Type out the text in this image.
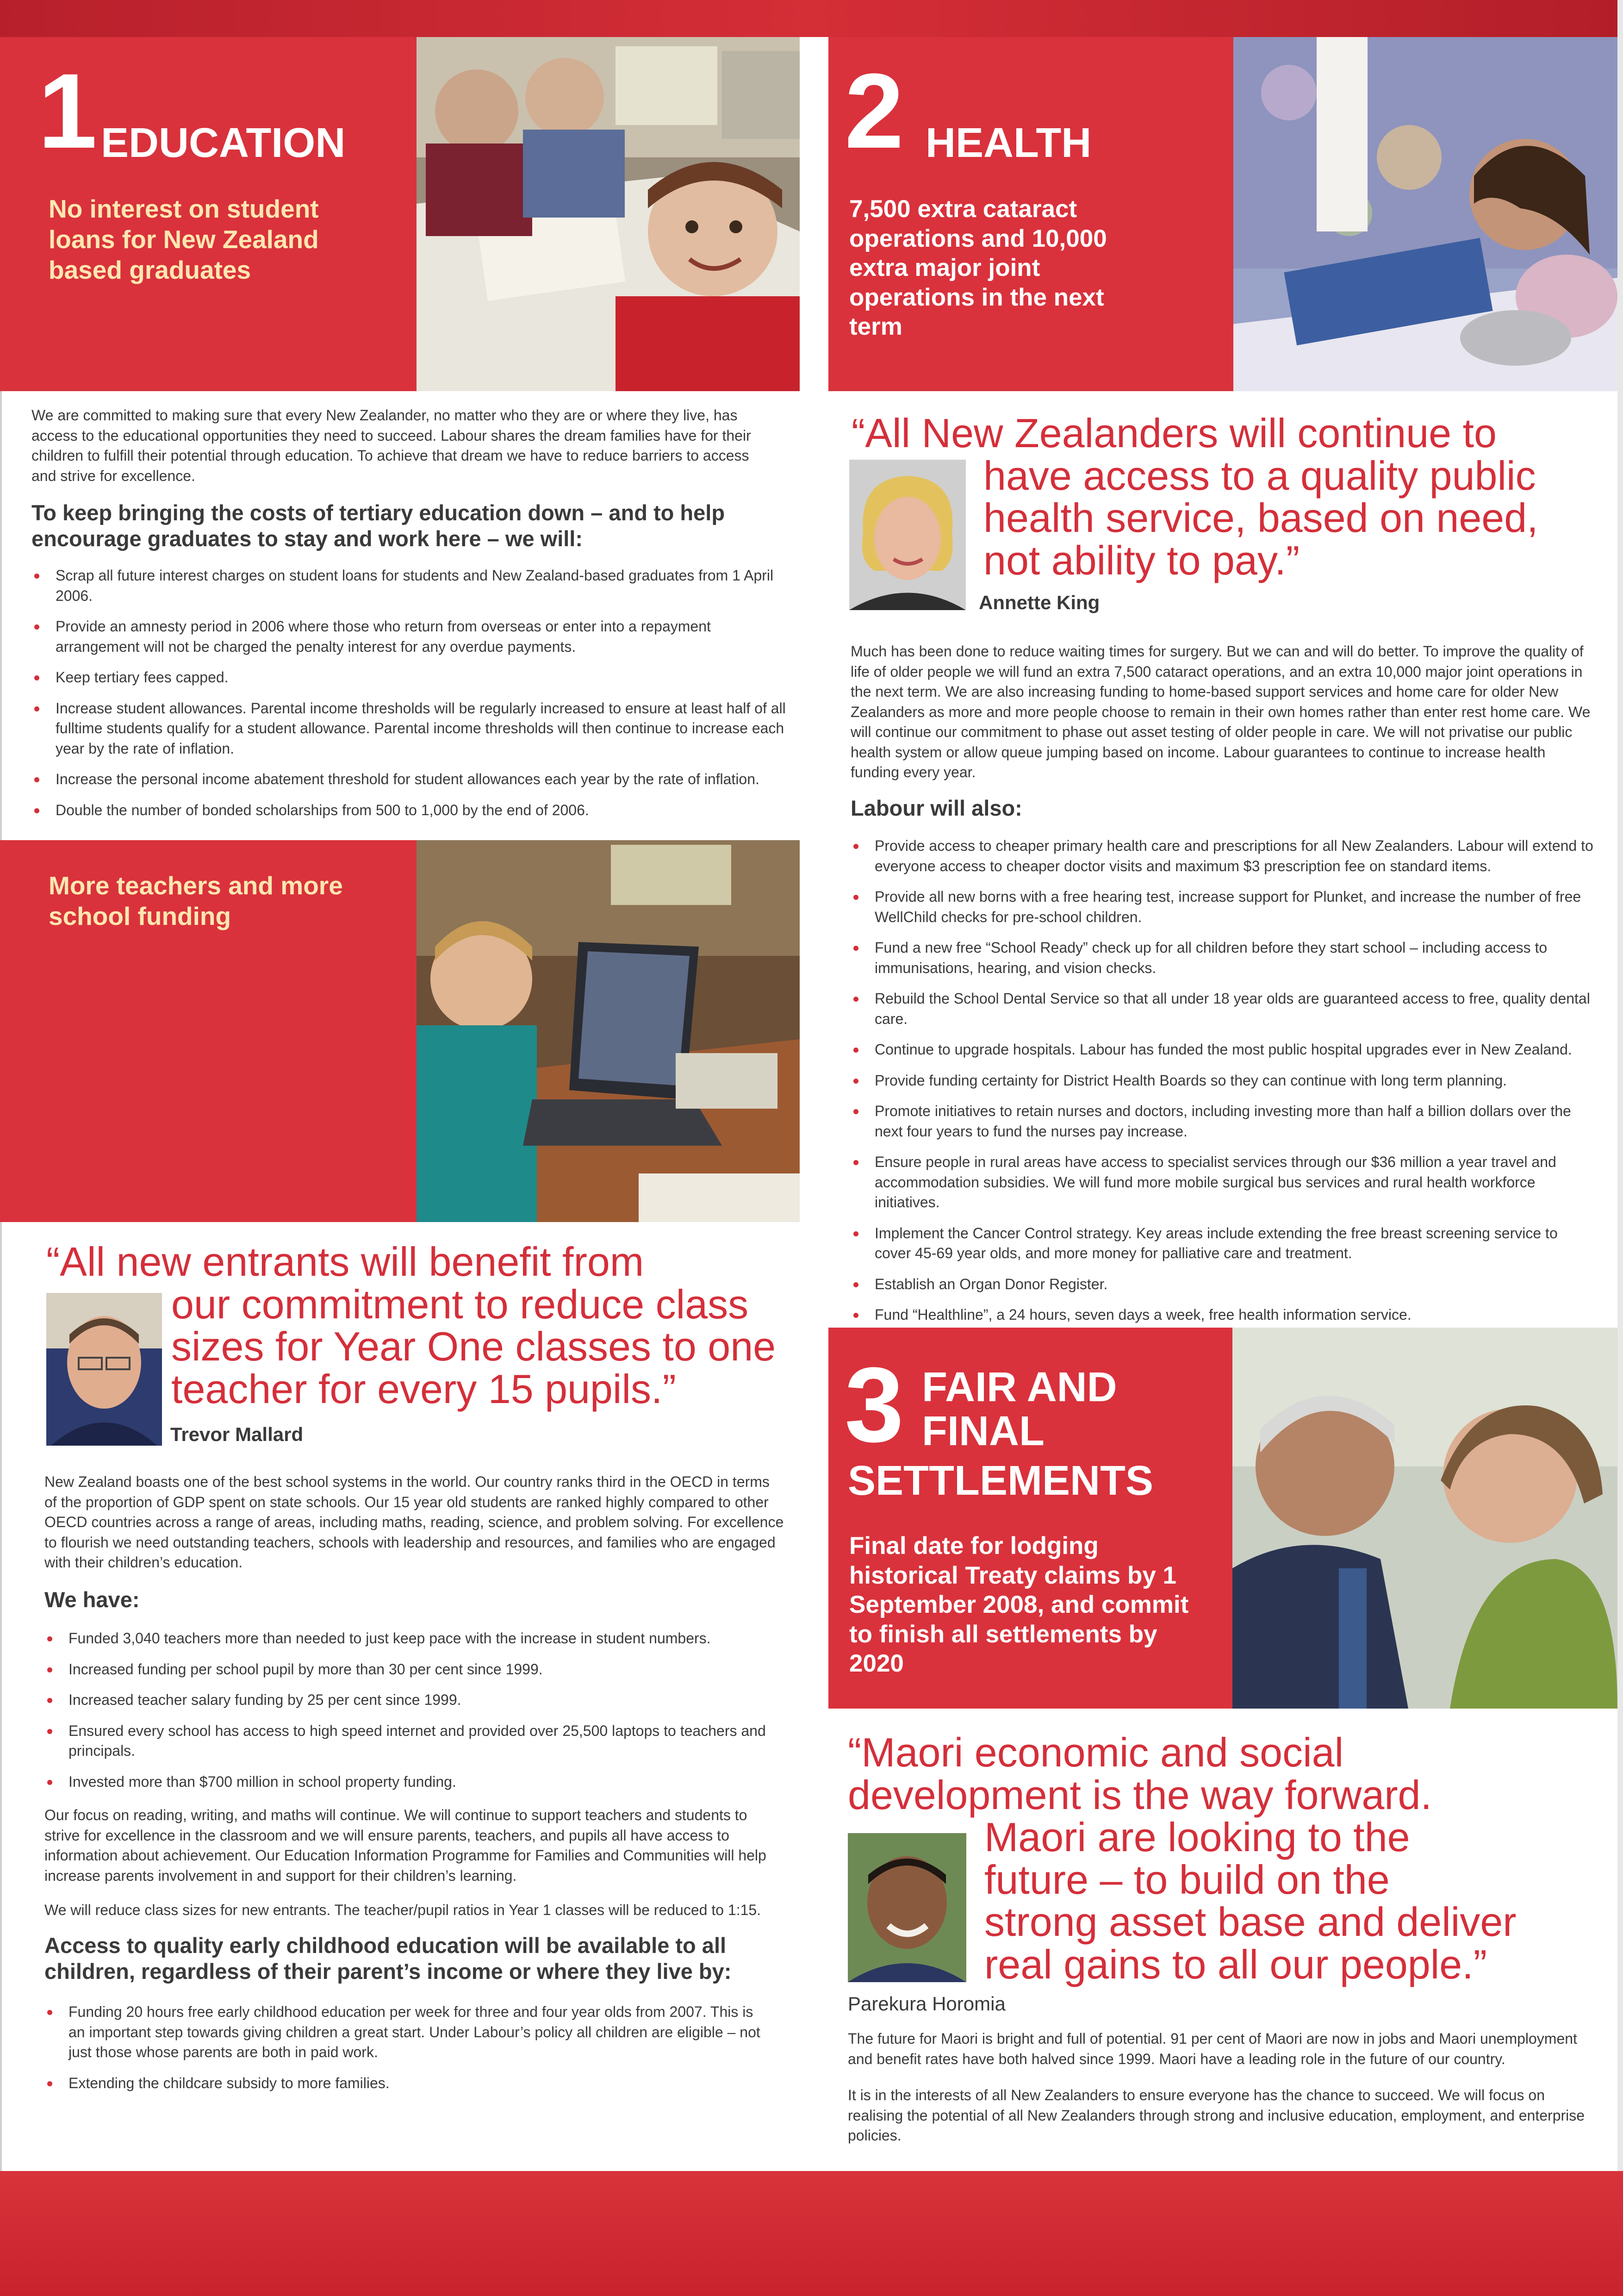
1 EDUCATION
No interest on student loans for New Zealand based graduates
We are committed to making sure that every New Zealander, no matter who they are or where they live, has access to the educational opportunities they need to succeed. Labour shares the dream families have for their children to fulfill their potential through education. To achieve that dream we have to reduce barriers to access and strive for excellence.
To keep bringing the costs of tertiary education down – and to help encourage graduates to stay and work here – we will:
Scrap all future interest charges on student loans for students and New Zealand-based graduates from 1 April 2006.
Provide an amnesty period in 2006 where those who return from overseas or enter into a repayment arrangement will not be charged the penalty interest for any overdue payments.
Keep tertiary fees capped.
Increase student allowances. Parental income thresholds will be regularly increased to ensure at least half of all fulltime students qualify for a student allowance. Parental income thresholds will then continue to increase each year by the rate of inflation.
Increase the personal income abatement threshold for student allowances each year by the rate of inflation.
Double the number of bonded scholarships from 500 to 1,000 by the end of 2006.
More teachers and more school funding
“All new entrants will benefit from
our commitment to reduce class
sizes for Year One classes to one
teacher for every 15 pupils.”
Trevor Mallard
New Zealand boasts one of the best school systems in the world. Our country ranks third in the OECD in terms of the proportion of GDP spent on state schools. Our 15 year old students are ranked highly compared to other OECD countries across a range of areas, including maths, reading, science, and problem solving. For excellence to flourish we need outstanding teachers, schools with leadership and resources, and families who are engaged with their children’s education.
We have:
Funded 3,040 teachers more than needed to just keep pace with the increase in student numbers.
Increased funding per school pupil by more than 30 per cent since 1999.
Increased teacher salary funding by 25 per cent since 1999.
Ensured every school has access to high speed internet and provided over 25,500 laptops to teachers and principals.
Invested more than $700 million in school property funding.
Our focus on reading, writing, and maths will continue. We will continue to support teachers and students to strive for excellence in the classroom and we will ensure parents, teachers, and pupils all have access to information about achievement. Our Education Information Programme for Families and Communities will help increase parents involvement in and support for their children’s learning.
We will reduce class sizes for new entrants. The teacher/pupil ratios in Year 1 classes will be reduced to 1:15.
Access to quality early childhood education will be available to all children, regardless of their parent’s income or where they live by:
Funding 20 hours free early childhood education per week for three and four year olds from 2007. This is an important step towards giving children a great start. Under Labour’s policy all children are eligible – not just those whose parents are both in paid work.
Extending the childcare subsidy to more families.
2 HEALTH
7,500 extra cataract operations and 10,000 extra major joint operations in the next term
“All New Zealanders will continue to
have access to a quality public
health service, based on need,
not ability to pay.”
Annette King
Much has been done to reduce waiting times for surgery. But we can and will do better. To improve the quality of life of older people we will fund an extra 7,500 cataract operations, and an extra 10,000 major joint operations in the next term. We are also increasing funding to home-based support services and home care for older New Zealanders as more and more people choose to remain in their own homes rather than enter rest home care. We will continue our commitment to phase out asset testing of older people in care. We will not privatise our public health system or allow queue jumping based on income. Labour guarantees to continue to increase health funding every year.
Labour will also:
Provide access to cheaper primary health care and prescriptions for all New Zealanders. Labour will extend to everyone access to cheaper doctor visits and maximum $3 prescription fee on standard items.
Provide all new borns with a free hearing test, increase support for Plunket, and increase the number of free WellChild checks for pre-school children.
Fund a new free “School Ready” check up for all children before they start school – including access to immunisations, hearing, and vision checks.
Rebuild the School Dental Service so that all under 18 year olds are guaranteed access to free, quality dental care.
Continue to upgrade hospitals. Labour has funded the most public hospital upgrades ever in New Zealand.
Provide funding certainty for District Health Boards so they can continue with long term planning.
Promote initiatives to retain nurses and doctors, including investing more than half a billion dollars over the next four years to fund the nurses pay increase.
Ensure people in rural areas have access to specialist services through our $36 million a year travel and accommodation subsidies. We will fund more mobile surgical bus services and rural health workforce initiatives.
Implement the Cancer Control strategy. Key areas include extending the free breast screening service to cover 45-69 year olds, and more money for palliative care and treatment.
Establish an Organ Donor Register.
Fund “Healthline”, a 24 hours, seven days a week, free health information service.
3 FAIR AND
FINAL
SETTLEMENTS
Final date for lodging historical Treaty claims by 1 September 2008, and commit to finish all settlements by 2020
“Maori economic and social
development is the way forward.
Maori are looking to the
future – to build on the
strong asset base and deliver
real gains to all our people.”
Parekura Horomia
The future for Maori is bright and full of potential. 91 per cent of Maori are now in jobs and Maori unemployment and benefit rates have both halved since 1999. Maori have a leading role in the future of our country.
It is in the interests of all New Zealanders to ensure everyone has the chance to succeed. We will focus on realising the potential of all New Zealanders through strong and inclusive education, employment, and enterprise policies.
